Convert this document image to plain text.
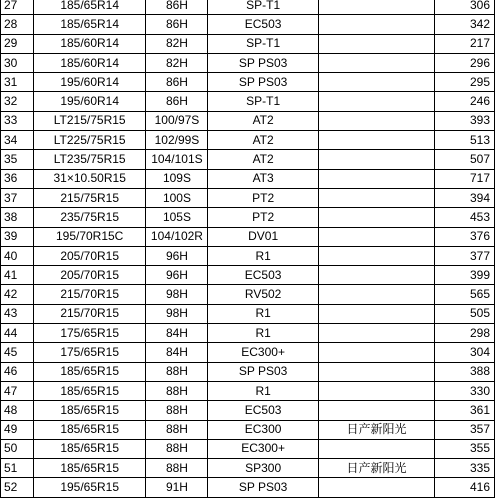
27	185/65R14	86H	SP-T1		306
28	185/65R14	86H	EC503		342
29	185/60R14	82H	SP-T1		217
30	185/60R14	82H	SP PS03		296
31	195/60R14	86H	SP PS03		295
32	195/60R14	86H	SP-T1		246
33	LT215/75R15	100/97S	AT2		393
34	LT225/75R15	102/99S	AT2		513
35	LT235/75R15	104/101S	AT2		507
36	31×10.50R15	109S	AT3		717
37	215/75R15	100S	PT2		394
38	235/75R15	105S	PT2		453
39	195/70R15C	104/102R	DV01		376
40	205/70R15	96H	R1		377
41	205/70R15	96H	EC503		399
42	215/70R15	98H	RV502		565
43	215/70R15	98H	R1		505
44	175/65R15	84H	R1		298
45	175/65R15	84H	EC300+		304
46	185/65R15	88H	SP PS03		388
47	185/65R15	88H	R1		330
48	185/65R15	88H	EC503		361
49	185/65R15	88H	EC300	日产新阳光	357
50	185/65R15	88H	EC300+		355
51	185/65R15	88H	SP300	日产新阳光	335
52	195/65R15	91H	SP PS03		416
